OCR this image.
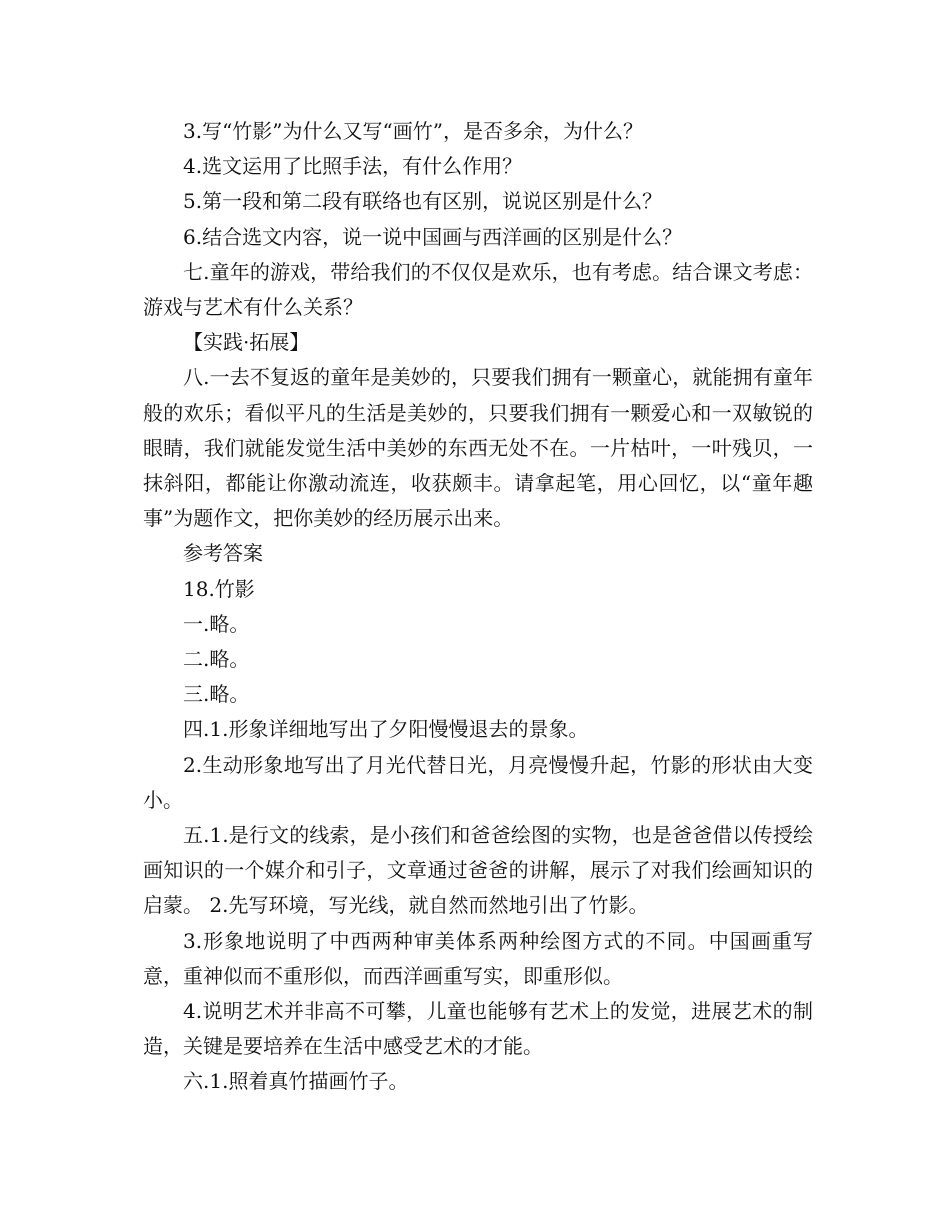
3.写“竹影”为什么又写“画竹”，是否多余，为什么？

4.选文运用了比照手法，有什么作用？

5.第一段和第二段有联络也有区别，说说区别是什么？

6.结合选文内容，说一说中国画与西洋画的区别是什么？

七.童年的游戏，带给我们的不仅仅是欢乐，也有考虑。结合课文考虑：游戏与艺术有什么关系？

【实践·拓展】

八.一去不复返的童年是美妙的，只要我们拥有一颗童心，就能拥有童年般的欢乐；看似平凡的生活是美妙的，只要我们拥有一颗爱心和一双敏锐的眼睛，我们就能发觉生活中美妙的东西无处不在。一片枯叶，一叶残贝，一抹斜阳，都能让你激动流连，收获颇丰。请拿起笔，用心回忆，以“童年趣事”为题作文，把你美妙的经历展示出来。

参考答案

18.竹影

一.略。

二.略。

三.略。

四.1.形象详细地写出了夕阳慢慢退去的景象。

2.生动形象地写出了月光代替日光，月亮慢慢升起，竹影的形状由大变小。

五.1.是行文的线索，是小孩们和爸爸绘图的实物，也是爸爸借以传授绘画知识的一个媒介和引子，文章通过爸爸的讲解，展示了对我们绘画知识的启蒙。 2.先写环境，写光线，就自然而然地引出了竹影。

3.形象地说明了中西两种审美体系两种绘图方式的不同。中国画重写意，重神似而不重形似，而西洋画重写实，即重形似。

4.说明艺术并非高不可攀，儿童也能够有艺术上的发觉，进展艺术的制造，关键是要培养在生活中感受艺术的才能。

六.1.照着真竹描画竹子。
